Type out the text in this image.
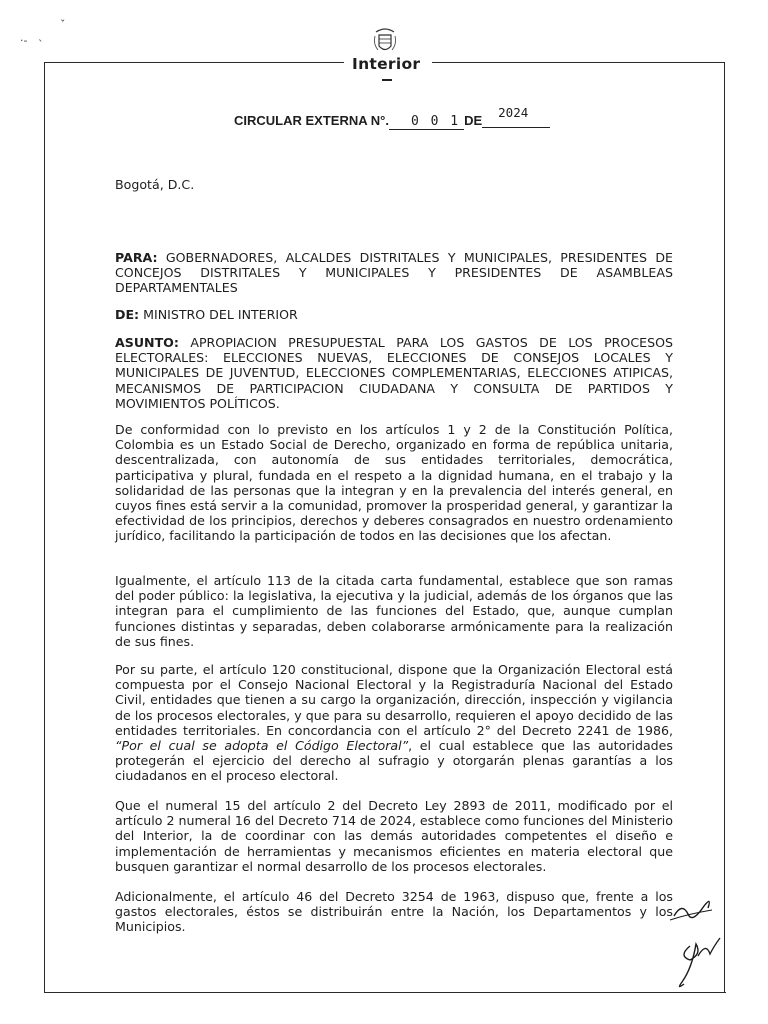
ˇ
·- `
Interior
CIRCULAR EXTERNA N°. 0 0 1 DE2024
Bogotá, D.C.
PARA: GOBERNADORES, ALCALDES DISTRITALES Y MUNICIPALES, PRESIDENTES DE CONCEJOS DISTRITALES Y MUNICIPALES Y PRESIDENTES DE ASAMBLEAS DEPARTAMENTALES
DE: MINISTRO DEL INTERIOR
ASUNTO: APROPIACION PRESUPUESTAL PARA LOS GASTOS DE LOS PROCESOS ELECTORALES: ELECCIONES NUEVAS, ELECCIONES DE CONSEJOS LOCALES Y MUNICIPALES DE JUVENTUD, ELECCIONES COMPLEMENTARIAS, ELECCIONES ATIPICAS, MECANISMOS DE PARTICIPACION CIUDADANA Y CONSULTA DE PARTIDOS Y MOVIMIENTOS POLÍTICOS.
De conformidad con lo previsto en los artículos 1 y 2 de la Constitución Política, Colombia es un Estado Social de Derecho, organizado en forma de república unitaria, descentralizada, con autonomía de sus entidades territoriales, democrática, participativa y plural, fundada en el respeto a la dignidad humana, en el trabajo y la solidaridad de las personas que la integran y en la prevalencia del interés general, en cuyos fines está servir a la comunidad, promover la prosperidad general, y garantizar la efectividad de los principios, derechos y deberes consagrados en nuestro ordenamiento jurídico, facilitando la participación de todos en las decisiones que los afectan.
Igualmente, el artículo 113 de la citada carta fundamental, establece que son ramas del poder público: la legislativa, la ejecutiva y la judicial, además de los órganos que las integran para el cumplimiento de las funciones del Estado, que, aunque cumplan funciones distintas y separadas, deben colaborarse armónicamente para la realización de sus fines.
Por su parte, el artículo 120 constitucional, dispone que la Organización Electoral está compuesta por el Consejo Nacional Electoral y la Registraduría Nacional del Estado Civil, entidades que tienen a su cargo la organización, dirección, inspección y vigilancia de los procesos electorales, y que para su desarrollo, requieren el apoyo decidido de las entidades territoriales. En concordancia con el artículo 2° del Decreto 2241 de 1986, “Por el cual se adopta el Código Electoral”, el cual establece que las autoridades protegerán el ejercicio del derecho al sufragio y otorgarán plenas garantías a los ciudadanos en el proceso electoral.
Que el numeral 15 del artículo 2 del Decreto Ley 2893 de 2011, modificado por el artículo 2 numeral 16 del Decreto 714 de 2024, establece como funciones del Ministerio del Interior, la de coordinar con las demás autoridades competentes el diseño e implementación de herramientas y mecanismos eficientes en materia electoral que busquen garantizar el normal desarrollo de los procesos electorales.
Adicionalmente, el artículo 46 del Decreto 3254 de 1963, dispuso que, frente a los gastos electorales, éstos se distribuirán entre la Nación, los Departamentos y los Municipios.
